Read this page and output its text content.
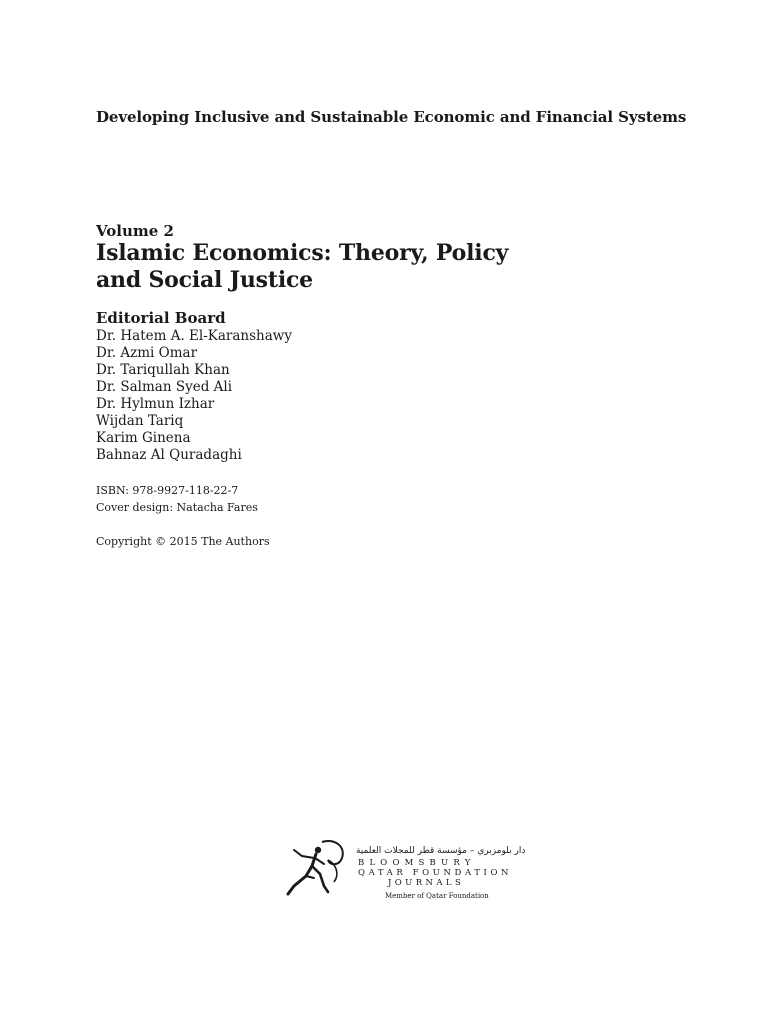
Developing Inclusive and Sustainable Economic and Financial Systems
Volume 2
Islamic Economics: Theory, Policy
and Social Justice
Editorial Board
Dr. Hatem A. El-Karanshawy
Dr. Azmi Omar
Dr. Tariqullah Khan
Dr. Salman Syed Ali
Dr. Hylmun Izhar
Wijdan Tariq
Karim Ginena
Bahnaz Al Quradaghi
ISBN: 978-9927-118-22-7
Cover design: Natacha Fares
Copyright © 2015 The Authors
دار بلومزبري – مؤسسة قطر للمجلات العلمية
BLOOMSBURY
QATAR FOUNDATION
JOURNALS
Member of Qatar Foundation
